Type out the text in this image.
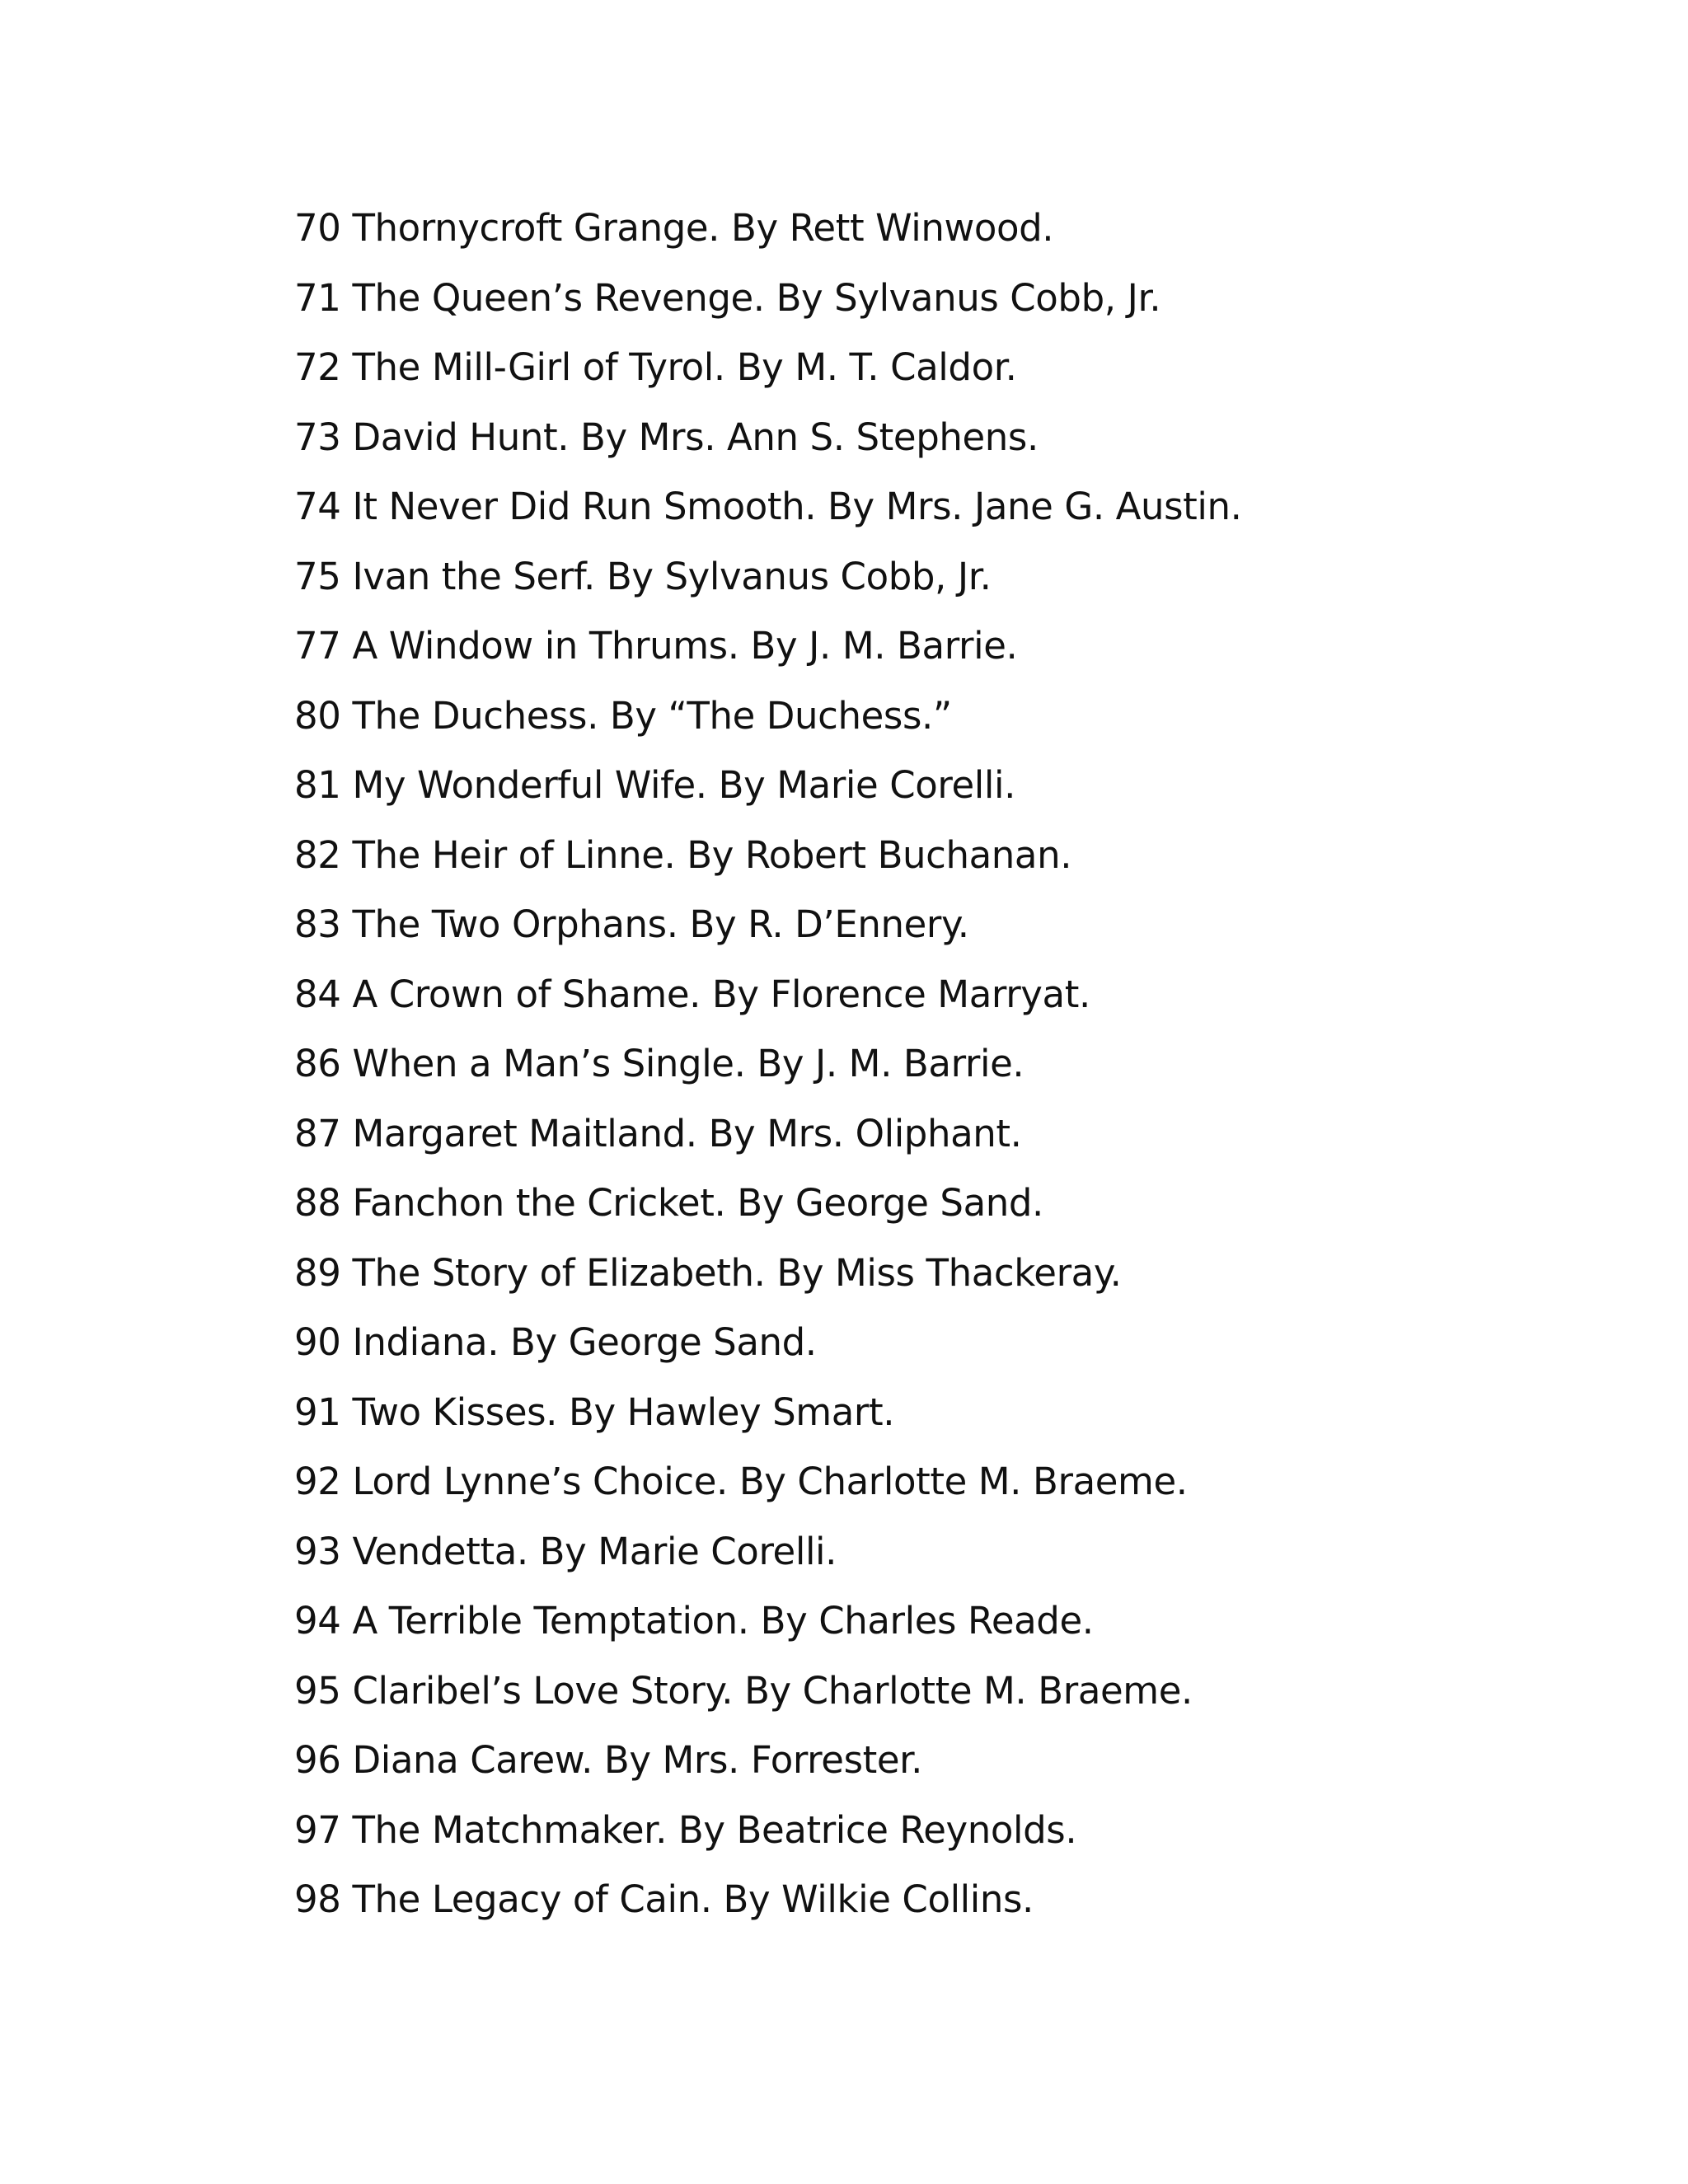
70 Thornycroft Grange. By Rett Winwood.
71 The Queen’s Revenge. By Sylvanus Cobb, Jr.
72 The Mill-Girl of Tyrol. By M. T. Caldor.
73 David Hunt. By Mrs. Ann S. Stephens.
74 It Never Did Run Smooth. By Mrs. Jane G. Austin.
75 Ivan the Serf. By Sylvanus Cobb, Jr.
77 A Window in Thrums. By J. M. Barrie.
80 The Duchess. By “The Duchess.”
81 My Wonderful Wife. By Marie Corelli.
82 The Heir of Linne. By Robert Buchanan.
83 The Two Orphans. By R. D’Ennery.
84 A Crown of Shame. By Florence Marryat.
86 When a Man’s Single. By J. M. Barrie.
87 Margaret Maitland. By Mrs. Oliphant.
88 Fanchon the Cricket. By George Sand.
89 The Story of Elizabeth. By Miss Thackeray.
90 Indiana. By George Sand.
91 Two Kisses. By Hawley Smart.
92 Lord Lynne’s Choice. By Charlotte M. Braeme.
93 Vendetta. By Marie Corelli.
94 A Terrible Temptation. By Charles Reade.
95 Claribel’s Love Story. By Charlotte M. Braeme.
96 Diana Carew. By Mrs. Forrester.
97 The Matchmaker. By Beatrice Reynolds.
98 The Legacy of Cain. By Wilkie Collins.
